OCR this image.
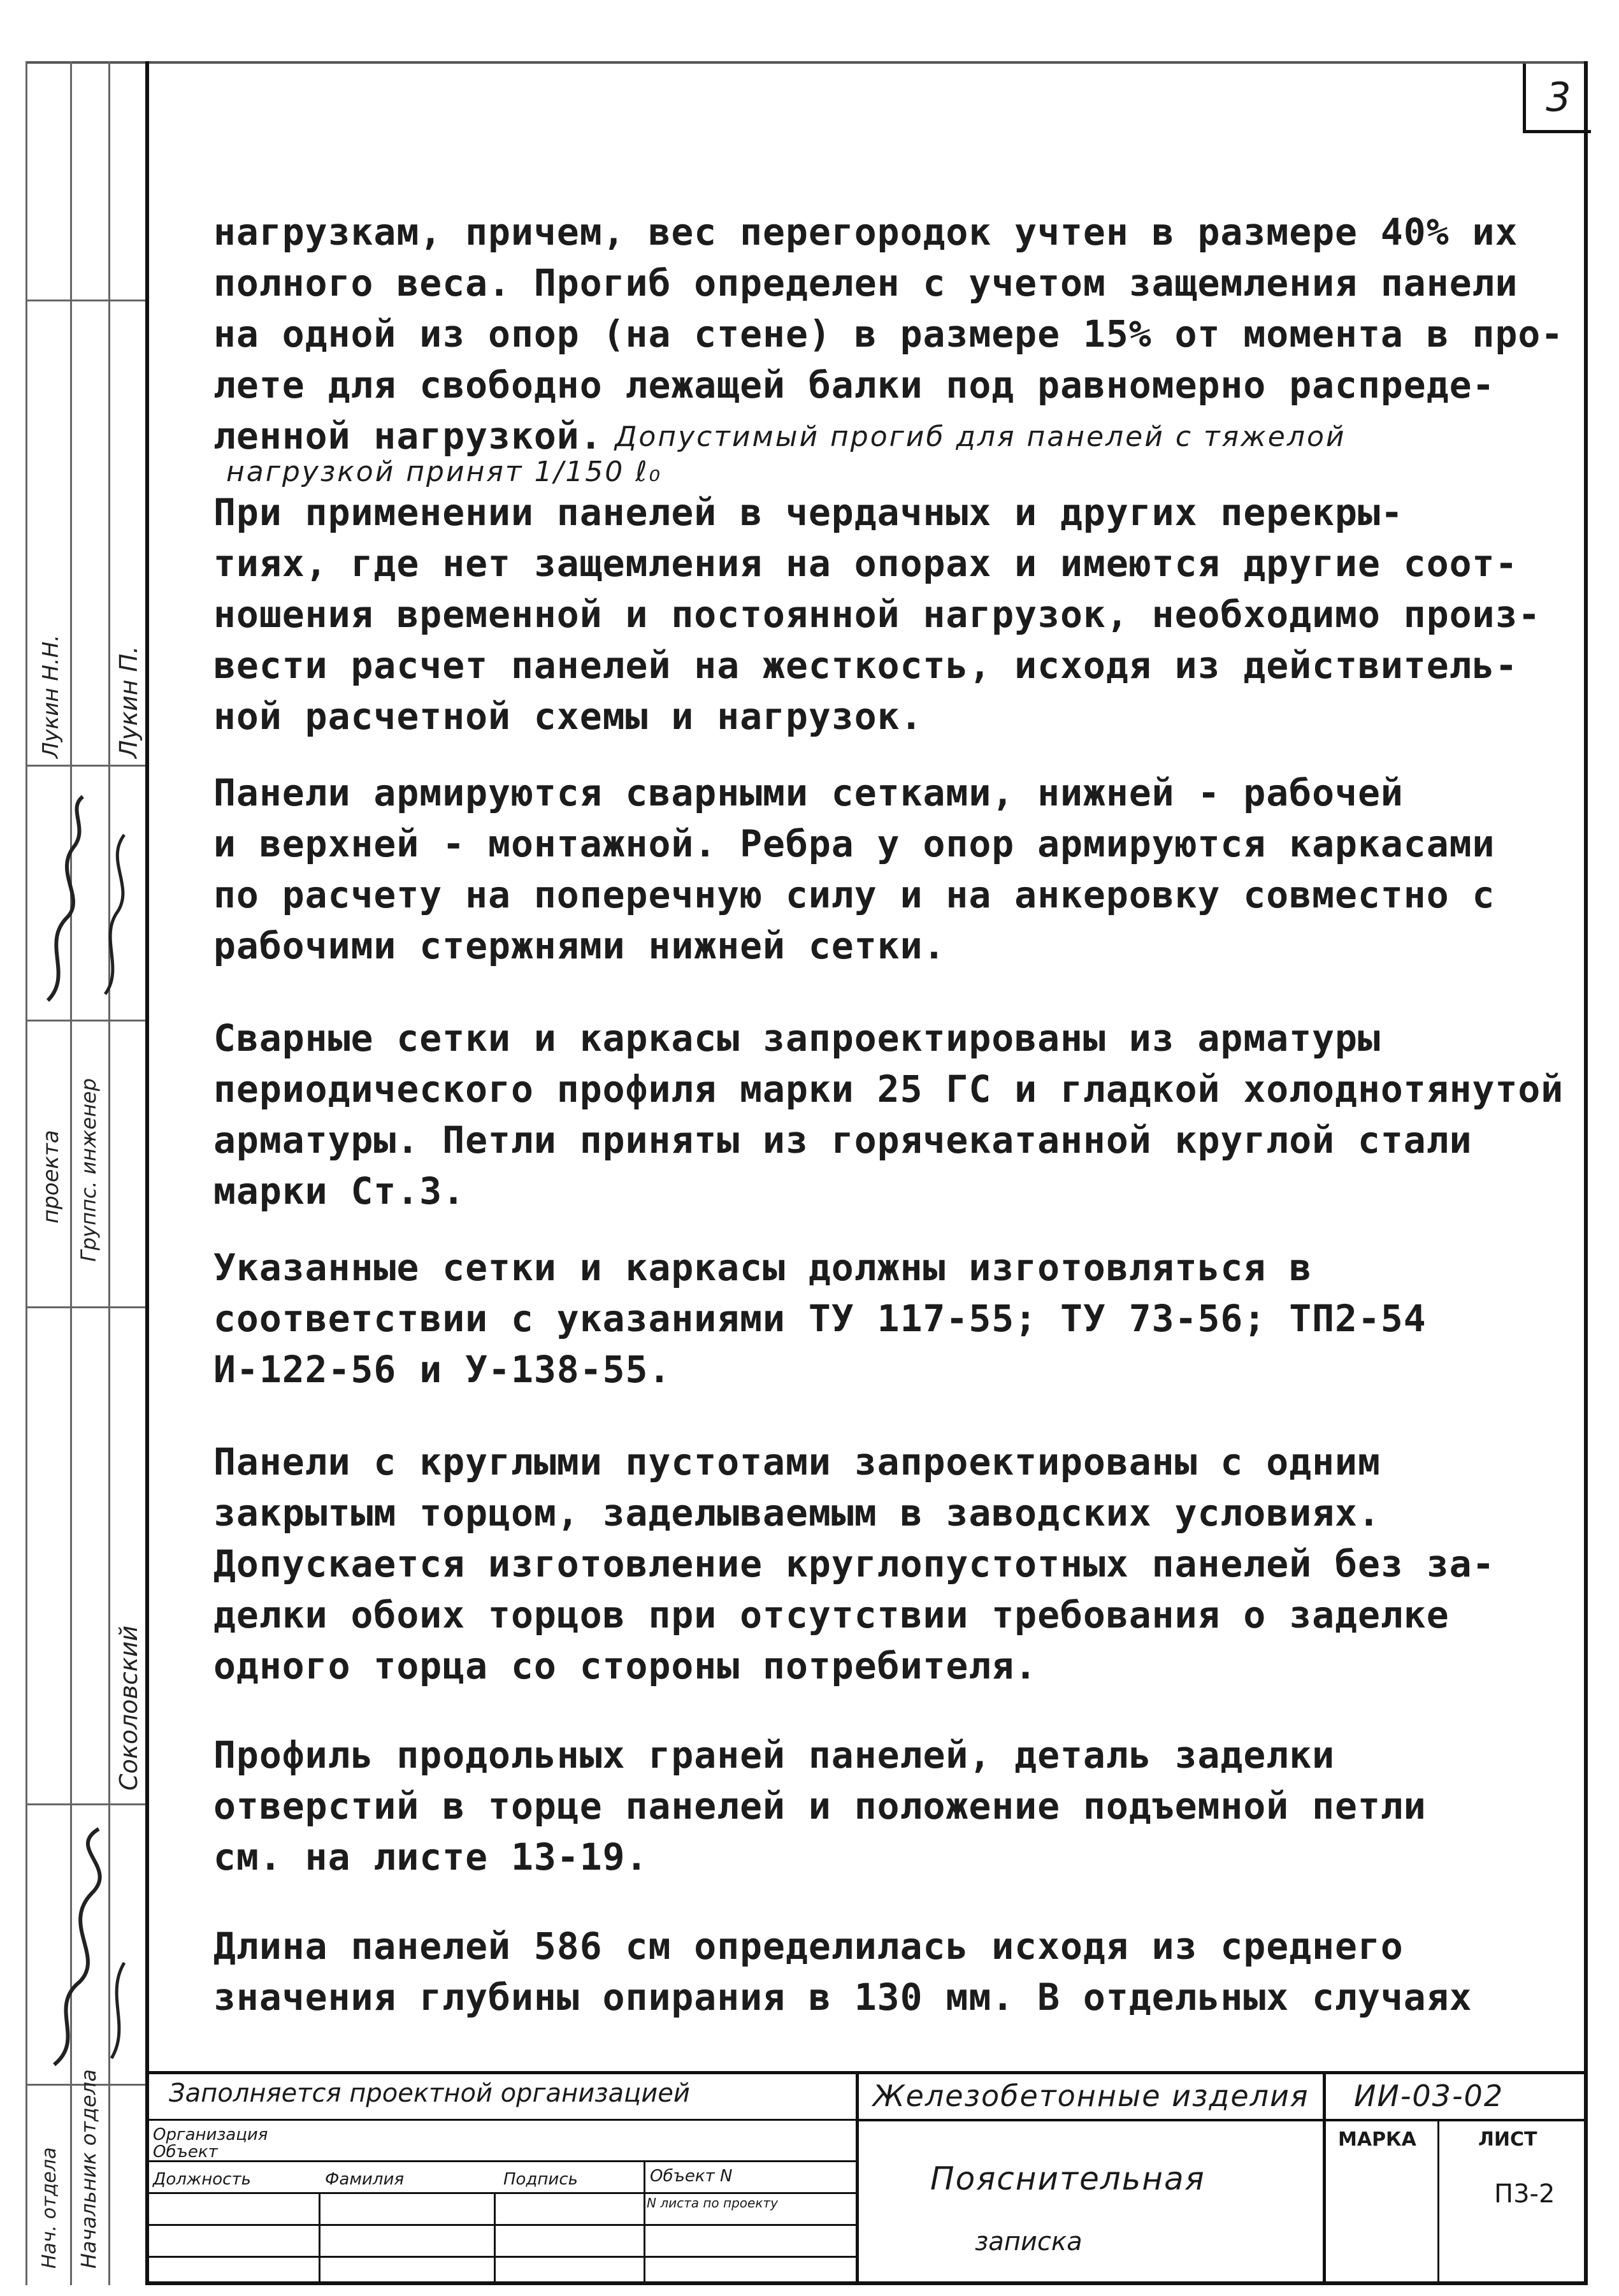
3
нагрузкам, причем, вес перегородок учтен в размере 40% их
полного веса. Прогиб определен с учетом защемления панели
на одной из опор (на стене) в размере 15% от момента в про-
лете для свободно лежащей балки под равномерно распреде-
ленной нагрузкой. Допустимый прогиб для панелей с тяжелой
нагрузкой принят 1/150 ℓ₀
При применении панелей в чердачных и других перекры-
тиях, где нет защемления на опорах и имеются другие соот-
ношения временной и постоянной нагрузок, необходимо произ-
вести расчет панелей на жесткость, исходя из действитель-
ной расчетной схемы и нагрузок.
Панели армируются сварными сетками, нижней - рабочей
и верхней - монтажной. Ребра у опор армируются каркасами
по расчету на поперечную силу и на анкеровку совместно с
рабочими стержнями нижней сетки.
Сварные сетки и каркасы запроектированы из арматуры
периодического профиля марки 25 ГС и гладкой холоднотянутой
арматуры. Петли приняты из горячекатанной круглой стали
марки Ст.3.
Указанные сетки и каркасы должны изготовляться в
соответствии с указаниями ТУ 117-55; ТУ 73-56; ТП2-54
И-122-56 и У-138-55.
Панели с круглыми пустотами запроектированы с одним
закрытым торцом, заделываемым в заводских условиях.
Допускается изготовление круглопустотных панелей без за-
делки обоих торцов при отсутствии требования о заделке
одного торца со стороны потребителя.
Профиль продольных граней панелей, деталь заделки
отверстий в торце панелей и положение подъемной петли
см. на листе 13-19.
Длина панелей 586 см определилась исходя из среднего
значения глубины опирания в 130 мм. В отдельных случаях
Лукин Н.Н. Лукин П.
проекта Группс. инженер
Соколовский
Начальник отдела
Нач. отдела
Заполняется проектной организацией
Организация
Объект
Объект N
Должность	Фамилия	Подпись
N листа по проекту
Железобетонные изделия ИИ-03-02
Пояснительная
записка
МАРКА	ЛИСТ
П3-2
